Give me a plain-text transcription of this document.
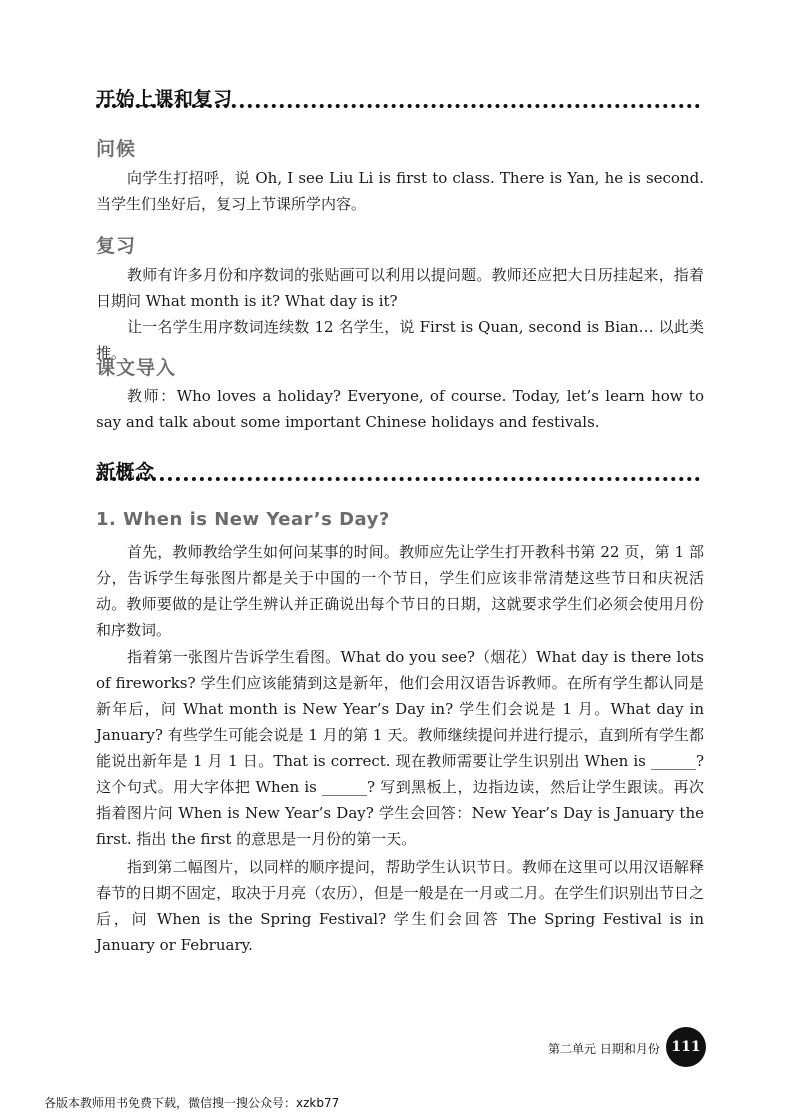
开始上课和复习
问候

向学生打招呼，说 Oh, I see Liu Li is first to class. There is Yan, he is second. 当学生们坐好后，复习上节课所学内容。

复习

教师有许多月份和序数词的张贴画可以利用以提问题。教师还应把大日历挂起来，指着日期问 What month is it? What day is it?

让一名学生用序数词连续数 12 名学生，说 First is Quan, second is Bian… 以此类推。

课文导入

教师：Who loves a holiday? Everyone, of course. Today, let’s learn how to say and talk about some important Chinese holidays and festivals.

新概念
1. When is New Year’s Day?

首先，教师教给学生如何问某事的时间。教师应先让学生打开教科书第 22 页，第 1 部分，告诉学生每张图片都是关于中国的一个节日，学生们应该非常清楚这些节日和庆祝活动。教师要做的是让学生辨认并正确说出每个节日的日期，这就要求学生们必须会使用月份和序数词。

指着第一张图片告诉学生看图。What do you see?（烟花）What day is there lots of fireworks? 学生们应该能猜到这是新年，他们会用汉语告诉教师。在所有学生都认同是新年后，问 What month is New Year’s Day in? 学生们会说是 1 月。What day in January? 有些学生可能会说是 1 月的第 1 天。教师继续提问并进行提示，直到所有学生都能说出新年是 1 月 1 日。That is correct. 现在教师需要让学生识别出 When is ______? 这个句式。用大字体把 When is ______? 写到黑板上，边指边读，然后让学生跟读。再次指着图片问 When is New Year’s Day? 学生会回答：New Year’s Day is January the first. 指出 the first 的意思是一月份的第一天。

指到第二幅图片，以同样的顺序提问，帮助学生认识节日。教师在这里可以用汉语解释春节的日期不固定，取决于月亮（农历），但是一般是在一月或二月。在学生们识别出节日之后，问 When is the Spring Festival? 学生们会回答 The Spring Festival is in January or February.

第二单元 日期和月份 111
各版本教师用书免费下载，微信搜一搜公众号：xzkb77
